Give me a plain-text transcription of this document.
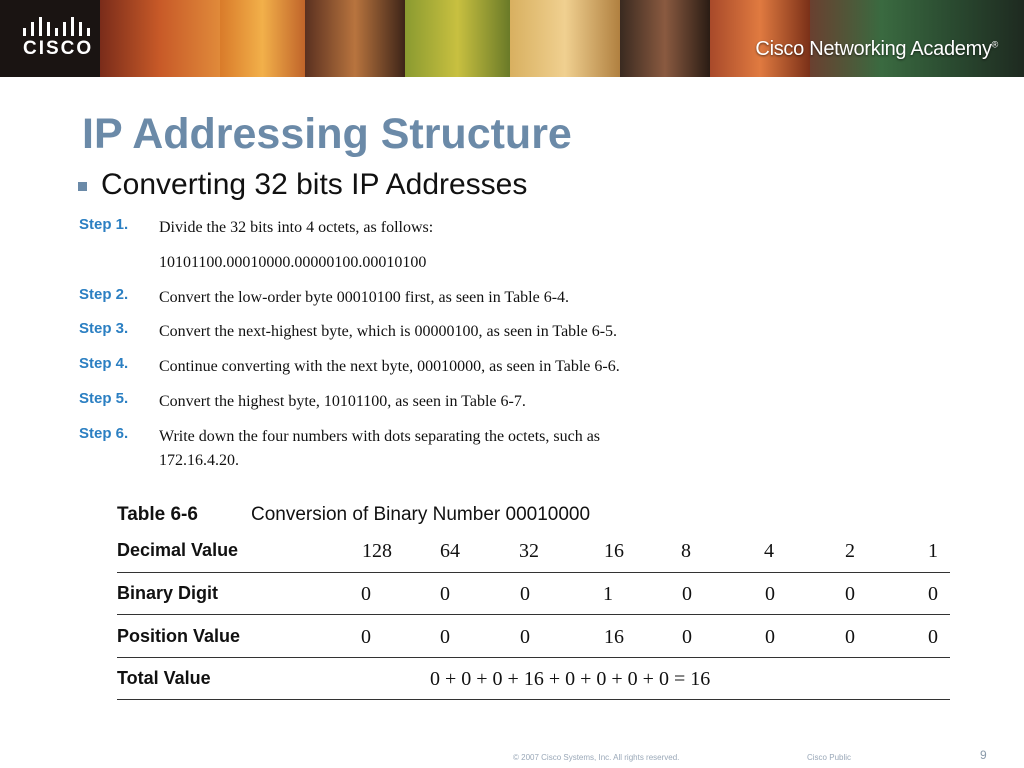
CISCO	Cisco Networking Academy®
IP Addressing Structure
Converting 32 bits IP Addresses
Step 1.	Divide the 32 bits into 4 octets, as follows:
10101100.00010000.00000100.00010100
Step 2.	Convert the low-order byte 00010100 first, as seen in Table 6-4.
Step 3.	Convert the next-highest byte, which is 00000100, as seen in Table 6-5.
Step 4.	Continue converting with the next byte, 00010000, as seen in Table 6-6.
Step 5.	Convert the highest byte, 10101100, as seen in Table 6-7.
Step 6.	Write down the four numbers with dots separating the octets, such as 172.16.4.20.
Table 6-6	Conversion of Binary Number 00010000
Decimal Value	128	64	32	16	8	4	2	1
Binary Digit	0	0	0	1	0	0	0	0
Position Value	0	0	0	16	0	0	0	0
Total Value	0 + 0 + 0 + 16 + 0 + 0 + 0 + 0 = 16
© 2007 Cisco Systems, Inc. All rights reserved.	Cisco Public	9
